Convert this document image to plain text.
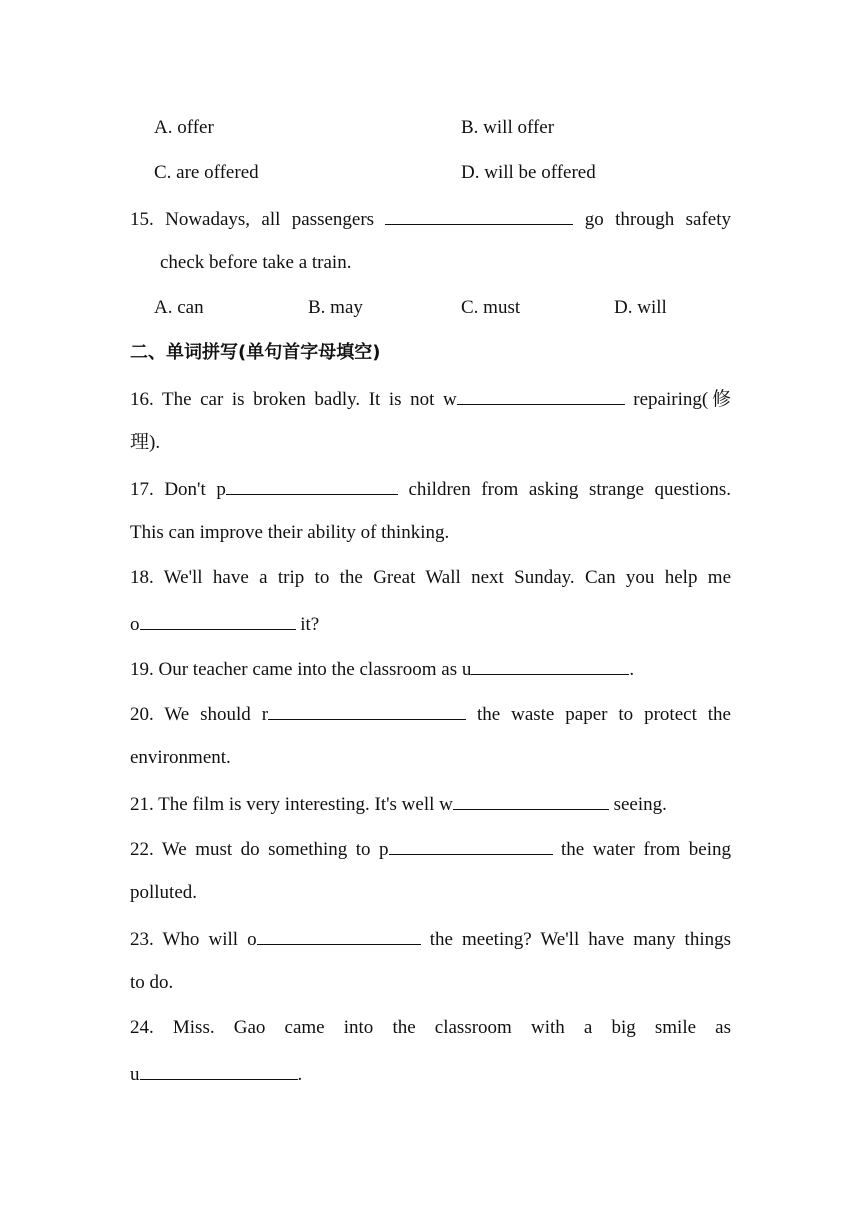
A. offer	B. will offer
C. are offered	D. will be offered
15. Nowadays, all passengers	go through safety
check before take a train.
A. can	B. may	C. must	D. will
二、单词拼写(单句首字母填空)
16. The car is broken badly. It is not w	repairing(修
理).
17. Don't p	children from asking strange questions.
This can improve their ability of thinking.
18. We'll have a trip to the Great Wall next Sunday. Can you help me
o	it?
19. Our teacher came into the classroom as u	.
20. We should r	the waste paper to protect the
environment.
21. The film is very interesting. It's well w	seeing.
22. We must do something to p	the water from being
polluted.
23. Who will o	the meeting? We'll have many things
to do.
24. Miss. Gao came into the classroom with a big smile as
u	.
